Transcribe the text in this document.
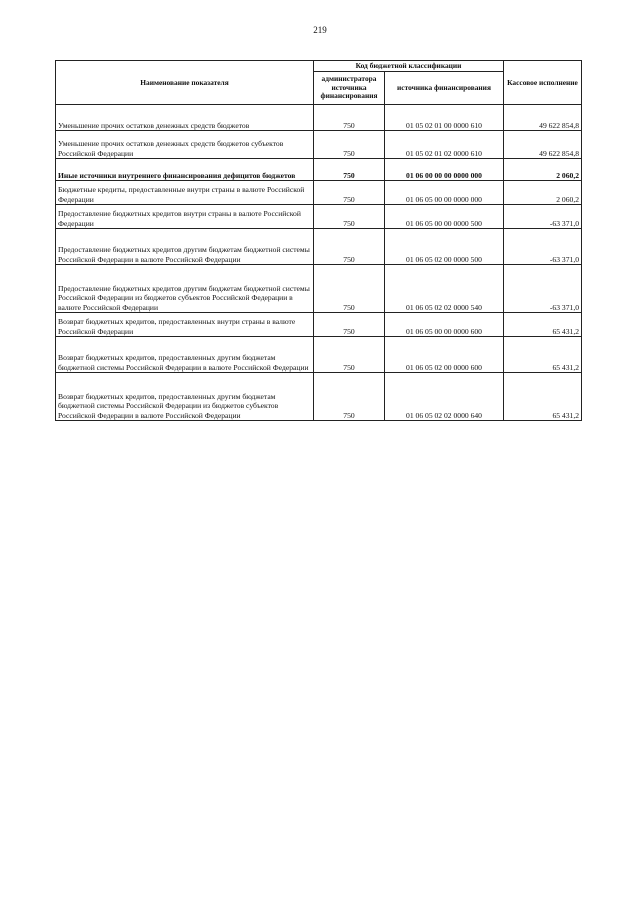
219
Наименование показателя	Код бюджетной классификации		Кассовое исполнение
	администратора источника финансирования	источника финансирования	
Уменьшение прочих остатков денежных средств бюджетов	750	01 05 02 01 00 0000 610	49 622 854,8
Уменьшение прочих остатков денежных средств бюджетов субъектов Российской Федерации	750	01 05 02 01 02 0000 610	49 622 854,8
Иные источники внутреннего финансирования дефицитов бюджетов	750	01 06 00 00 00 0000 000	2 060,2
Бюджетные кредиты, предоставленные внутри страны в валюте Российской Федерации	750	01 06 05 00 00 0000 000	2 060,2
Предоставление бюджетных кредитов внутри страны в валюте Российской Федерации	750	01 06 05 00 00 0000 500	-63 371,0
Предоставление бюджетных кредитов другим бюджетам бюджетной системы Российской Федерации в валюте Российской Федерации	750	01 06 05 02 00 0000 500	-63 371,0
Предоставление бюджетных кредитов другим бюджетам бюджетной системы Российской Федерации из бюджетов субъектов Российской Федерации в валюте Российской Федерации	750	01 06 05 02 02 0000 540	-63 371,0
Возврат бюджетных кредитов, предоставленных внутри страны в валюте Российской Федерации	750	01 06 05 00 00 0000 600	65 431,2
Возврат бюджетных кредитов, предоставленных другим бюджетам бюджетной системы Российской Федерации в валюте Российской Федерации	750	01 06 05 02 00 0000 600	65 431,2
Возврат бюджетных кредитов, предоставленных другим бюджетам бюджетной системы Российской Федерации из бюджетов субъектов Российской Федерации в валюте Российской Федерации	750	01 06 05 02 02 0000 640	65 431,2
